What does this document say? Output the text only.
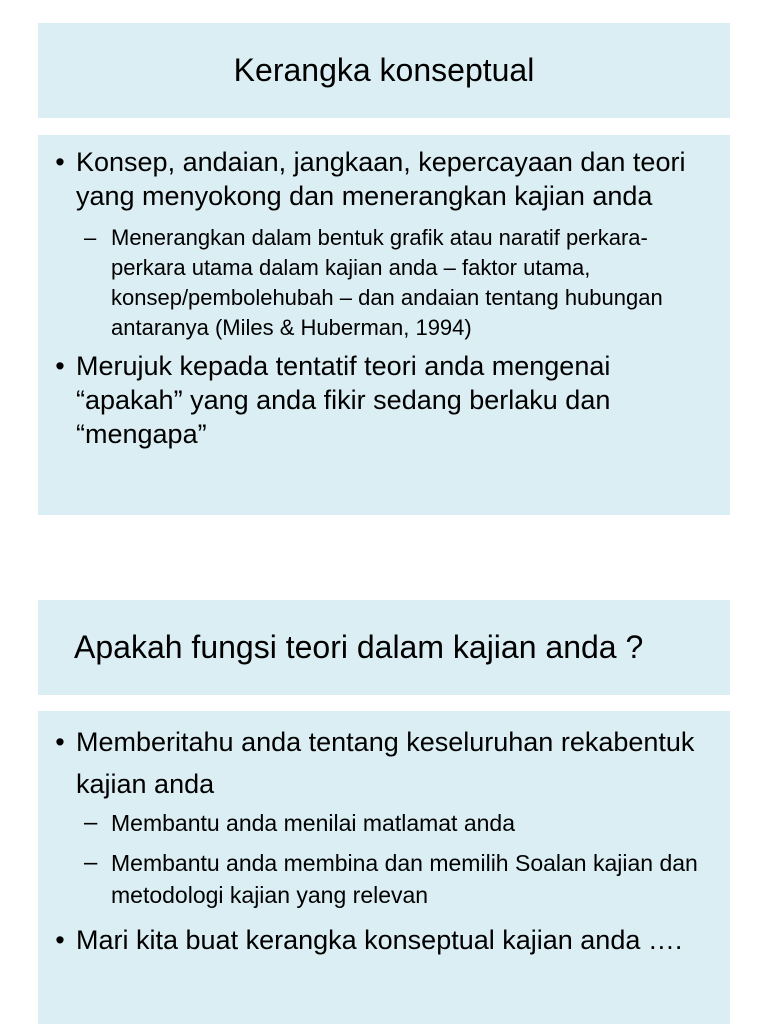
Kerangka konseptual
• Konsep, andaian, jangkaan, kepercayaan dan teori yang menyokong dan menerangkan kajian anda
– Menerangkan dalam bentuk grafik atau naratif perkara-perkara utama dalam kajian anda – faktor utama, konsep/pembolehubah – dan andaian tentang hubungan antaranya (Miles & Huberman, 1994)
• Merujuk kepada tentatif teori anda mengenai “apakah” yang anda fikir sedang berlaku dan “mengapa”
Apakah fungsi teori dalam kajian anda ?
• Memberitahu anda tentang keseluruhan rekabentuk kajian anda
– Membantu anda menilai matlamat anda
– Membantu anda membina dan memilih Soalan kajian dan metodologi kajian yang relevan
• Mari kita buat kerangka konseptual kajian anda ….
